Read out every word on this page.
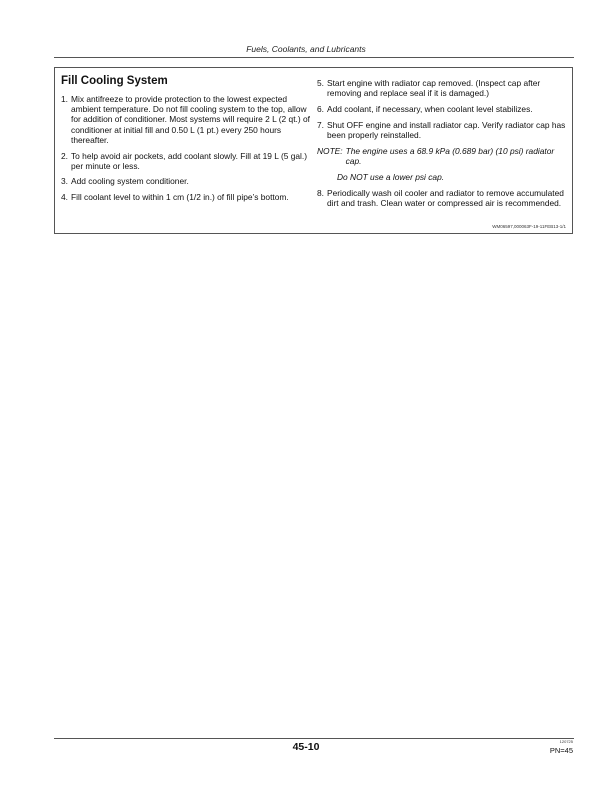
Fuels, Coolants, and Lubricants
Fill Cooling System
1. Mix antifreeze to provide protection to the lowest expected ambient temperature. Do not fill cooling system to the top, allow for addition of conditioner. Most systems will require 2 L (2 qt.) of conditioner at initial fill and 0.50 L (1 pt.) every 250 hours thereafter.
2. To help avoid air pockets, add coolant slowly. Fill at 19 L (5 gal.) per minute or less.
3. Add cooling system conditioner.
4. Fill coolant level to within 1 cm (1/2 in.) of fill pipe’s bottom.
5. Start engine with radiator cap removed. (Inspect cap after removing and replace seal if it is damaged.)
6. Add coolant, if necessary, when coolant level stabilizes.
7. Shut OFF engine and install radiator cap. Verify radiator cap has been properly reinstalled.
NOTE: The engine uses a 68.9 kPa (0.689 bar) (10 psi) radiator cap.
Do NOT use a lower psi cap.
8. Periodically wash oil cooler and radiator to remove accumulated dirt and trash. Clean water or compressed air is recommended.
WM06597,000063F-19-11FEB13-1/1
45-10	120725
PN=45
